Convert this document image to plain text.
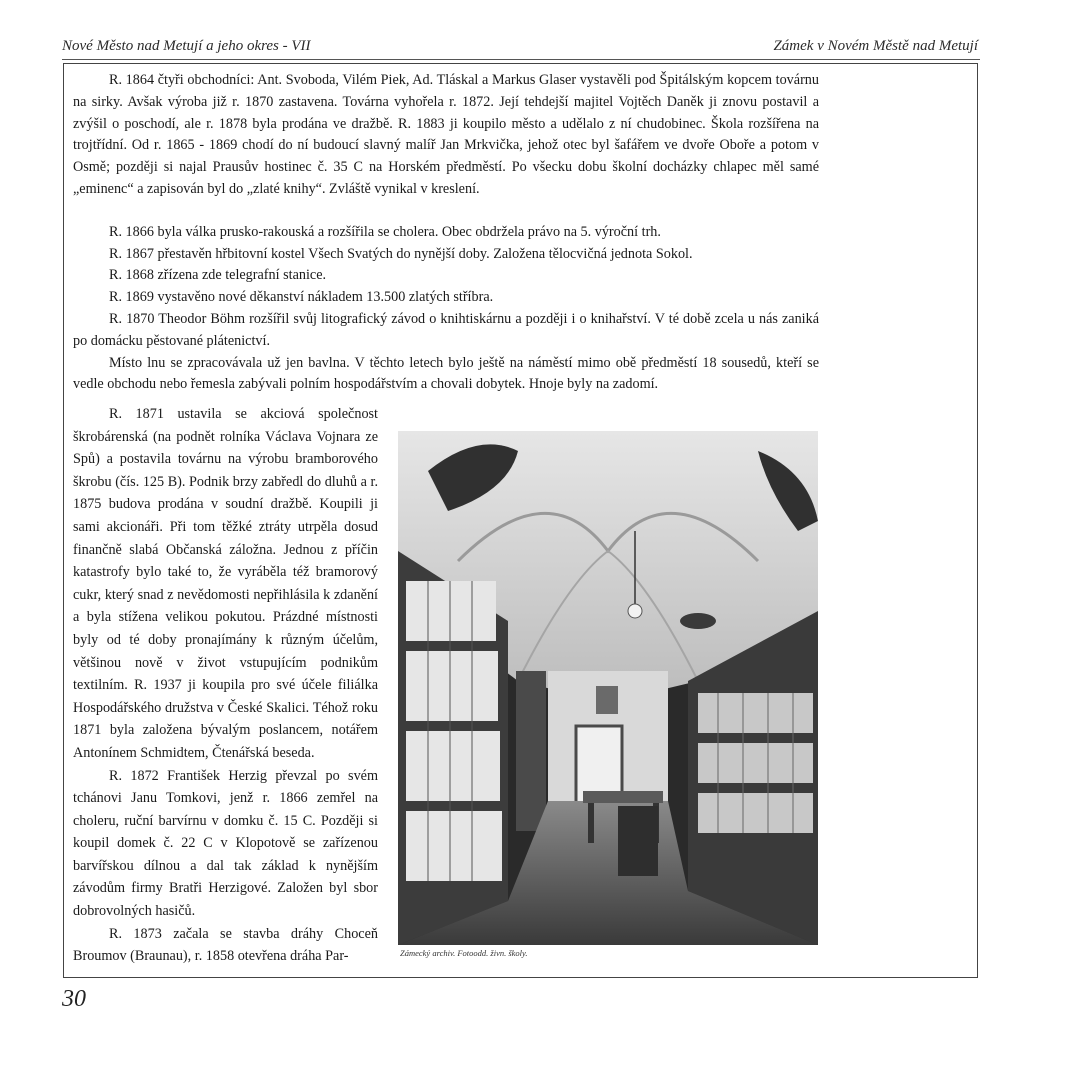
Nové Město nad Metují a jeho okres - VII	Zámek v Novém Městě nad Metují

R. 1864 čtyři obchodníci: Ant. Svoboda, Vilém Piek, Ad. Tláskal a Markus Glaser vystavěli pod Špitálským kopcem továrnu na sirky. Avšak výroba již r. 1870 zastavena. Továrna vyhořela r. 1872. Její tehdejší majitel Vojtěch Daněk ji znovu postavil a zvýšil o poschodí, ale r. 1878 byla prodána ve dražbě. R. 1883 ji koupilo město a udělalo z ní chudobinec. Škola rozšířena na trojtřídní. Od r. 1865 - 1869 chodí do ní budoucí slavný malíř Jan Mrkvička, jehož otec byl šafářem ve dvoře Oboře a potom v Osmě; později si najal Prausův hostinec č. 35 C na Horském předměstí. Po všecku dobu školní docházky chlapec měl samé „eminenc“ a zapisován byl do „zlaté knihy“. Zvláště vynikal v kreslení.

R. 1866 byla válka prusko-rakouská a rozšířila se cholera. Obec obdržela právo na 5. výroční trh.

R. 1867 přestavěn hřbitovní kostel Všech Svatých do nynější doby. Založena tělocvičná jednota Sokol.

R. 1868 zřízena zde telegrafní stanice.

R. 1869 vystavěno nové děkanství nákladem 13.500 zlatých stříbra.

R. 1870 Theodor Böhm rozšířil svůj litografický závod o knihtiskárnu a později i o knihařství. V té době zcela u nás zaniká po domácku pěstované plátenictví.

Místo lnu se zpracovávala už jen bavlna. V těchto letech bylo ještě na náměstí mimo obě předměstí 18 sousedů, kteří se vedle obchodu nebo řemesla zabývali polním hospodářstvím a chovali dobytek. Hnoje byly na zadomí.

R. 1871 ustavila se akciová společnost škrobárenská (na podnět rolníka Václava Vojnara ze Spů) a postavila továrnu na výrobu bramborového škrobu (čís. 125 B). Podnik brzy zabředl do dluhů a r. 1875 budova prodána v soudní dražbě. Koupili ji sami akcionáři. Při tom těžké ztráty utrpěla dosud finančně slabá Občanská záložna. Jednou z příčin katastrofy bylo také to, že vyráběla též bramorový cukr, který snad z nevědomosti nepřihlásila k zdanění a byla stížena velikou pokutou. Prázdné místnosti byly od té doby pronajímány k různým účelům, většinou nově v život vstupujícím podnikům textilním. R. 1937 ji koupila pro své účele filiálka Hospodářského družstva v České Skalici. Téhož roku 1871 byla založena bývalým poslancem, notářem Antonínem Schmidtem, Čtenářská beseda.

R. 1872 František Herzig převzal po svém tchánovi Janu Tomkovi, jenž r. 1866 zemřel na choleru, ruční barvírnu v domku č. 15 C. Později si koupil domek č. 22 C v Klopotově se zařízenou barvířskou dílnou a dal tak základ k nynějším závodům firmy Bratři Herzigové. Založen byl sbor dobrovolných hasičů.

R. 1873 začala se stavba dráhy Choceň Broumov (Braunau), r. 1858 otevřena dráha Par-	Zámecký archiv. Fotoodd. živn. školy.
30
